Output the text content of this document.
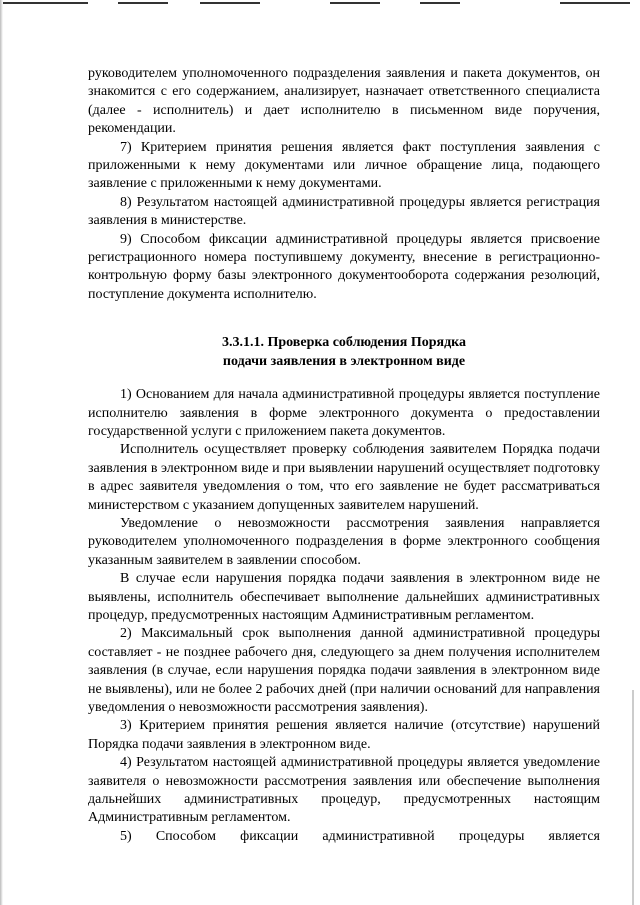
руководителем уполномоченного подразделения заявления и пакета документов, он знакомится с его содержанием, анализирует, назначает ответственного специалиста (далее - исполнитель) и дает исполнителю в письменном виде поручения, рекомендации.

7) Критерием принятия решения является факт поступления заявления с приложенными к нему документами или личное обращение лица, подающего заявление с приложенными к нему документами.

8) Результатом настоящей административной процедуры является регистрация заявления в министерстве.

9) Способом фиксации административной процедуры является присвоение регистрационного номера поступившему документу, внесение в регистрационно-контрольную форму базы электронного документооборота содержания резолюций, поступление документа исполнителю.

3.3.1.1. Проверка соблюдения Порядка
подачи заявления в электронном виде

1) Основанием для начала административной процедуры является поступление исполнителю заявления в форме электронного документа о предоставлении государственной услуги с приложением пакета документов.

Исполнитель осуществляет проверку соблюдения заявителем Порядка подачи заявления в электронном виде и при выявлении нарушений осуществляет подготовку в адрес заявителя уведомления о том, что его заявление не будет рассматриваться министерством с указанием допущенных заявителем нарушений.

Уведомление о невозможности рассмотрения заявления направляется руководителем уполномоченного подразделения в форме электронного сообщения указанным заявителем в заявлении способом.

В случае если нарушения порядка подачи заявления в электронном виде не выявлены, исполнитель обеспечивает выполнение дальнейших административных процедур, предусмотренных настоящим Административным регламентом.

2) Максимальный срок выполнения данной административной процедуры составляет - не позднее рабочего дня, следующего за днем получения исполнителем заявления (в случае, если нарушения порядка подачи заявления в электронном виде не выявлены), или не более 2 рабочих дней (при наличии оснований для направления уведомления о невозможности рассмотрения заявления).

3) Критерием принятия решения является наличие (отсутствие) нарушений Порядка подачи заявления в электронном виде.

4) Результатом настоящей административной процедуры является уведомление заявителя о невозможности рассмотрения заявления или обеспечение выполнения дальнейших административных процедур, предусмотренных настоящим Административным регламентом.

5) Способом фиксации административной процедуры является
